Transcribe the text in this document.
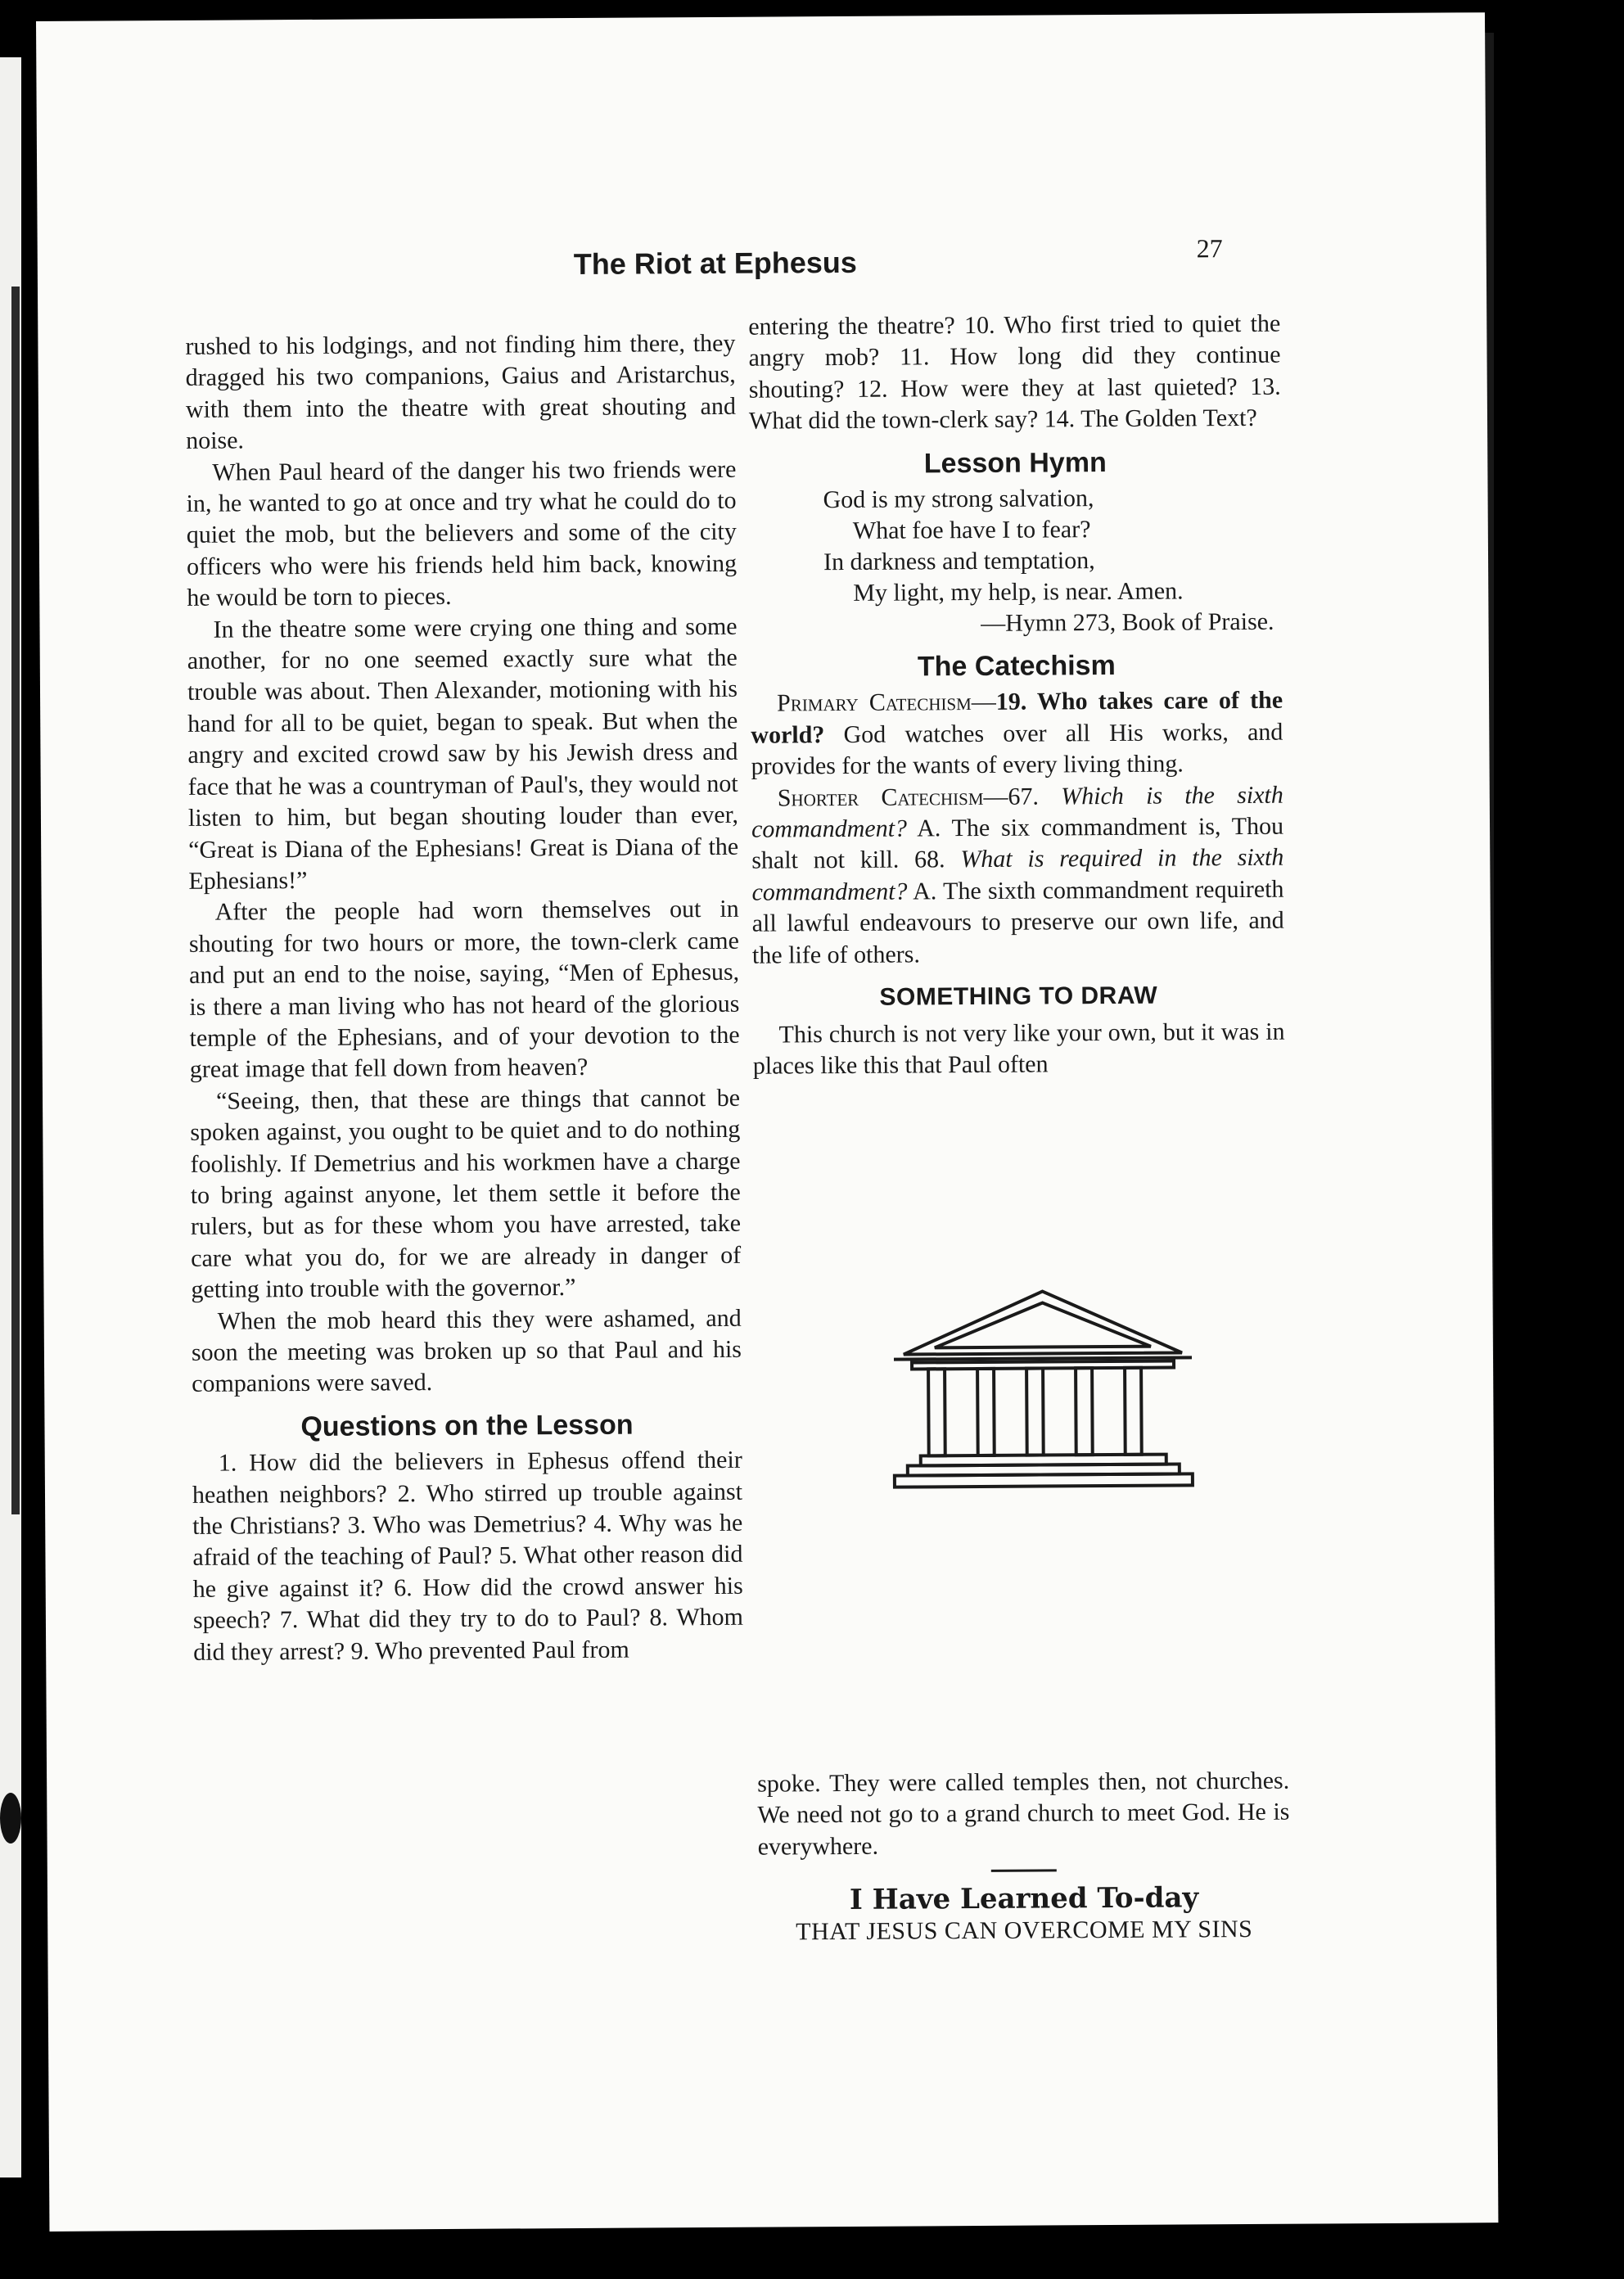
The Riot at Ephesus	27

rushed to his lodgings, and not finding him there, they dragged his two companions, Gaius and Aristarchus, with them into the theatre with great shouting and noise.

When Paul heard of the danger his two friends were in, he wanted to go at once and try what he could do to quiet the mob, but the believers and some of the city officers who were his friends held him back, knowing he would be torn to pieces.

In the theatre some were crying one thing and some another, for no one seemed exactly sure what the trouble was about. Then Alexander, motioning with his hand for all to be quiet, began to speak. But when the angry and excited crowd saw by his Jewish dress and face that he was a countryman of Paul's, they would not listen to him, but began shouting louder than ever, “Great is Diana of the Ephesians! Great is Diana of the Ephesians!”

After the people had worn themselves out in shouting for two hours or more, the town-clerk came and put an end to the noise, saying, “Men of Ephesus, is there a man living who has not heard of the glorious temple of the Ephesians, and of your devotion to the great image that fell down from heaven?

“Seeing, then, that these are things that cannot be spoken against, you ought to be quiet and to do nothing foolishly. If Demetrius and his workmen have a charge to bring against anyone, let them settle it before the rulers, but as for these whom you have arrested, take care what you do, for we are already in danger of getting into trouble with the governor.”

When the mob heard this they were ashamed, and soon the meeting was broken up so that Paul and his companions were saved.

Questions on the Lesson

1. How did the believers in Ephesus offend their heathen neighbors? 2. Who stirred up trouble against the Christians? 3. Who was Demetrius? 4. Why was he afraid of the teaching of Paul? 5. What other reason did he give against it? 6. How did the crowd answer his speech? 7. What did they try to do to Paul? 8. Whom did they arrest? 9. Who prevented Paul from

entering the theatre? 10. Who first tried to quiet the angry mob? 11. How long did they continue shouting? 12. How were they at last quieted? 13. What did the town-clerk say? 14. The Golden Text?

Lesson Hymn
God is my strong salvation,
What foe have I to fear?
In darkness and temptation,
My light, my help, is near. Amen.
—Hymn 273, Book of Praise.
The Catechism

Primary Catechism—19. Who takes care of the world? God watches over all His works, and provides for the wants of every living thing.

Shorter Catechism—67. Which is the sixth commandment? A. The six commandment is, Thou shalt not kill. 68. What is required in the sixth commandment? A. The sixth commandment requireth all lawful endeavours to preserve our own life, and the life of others.

SOMETHING TO DRAW

This church is not very like your own, but it was in places like this that Paul often

spoke. They were called temples then, not churches. We need not go to a grand church to meet God. He is everywhere.

I Have Learned To-day
THAT JESUS CAN OVERCOME MY SINS
